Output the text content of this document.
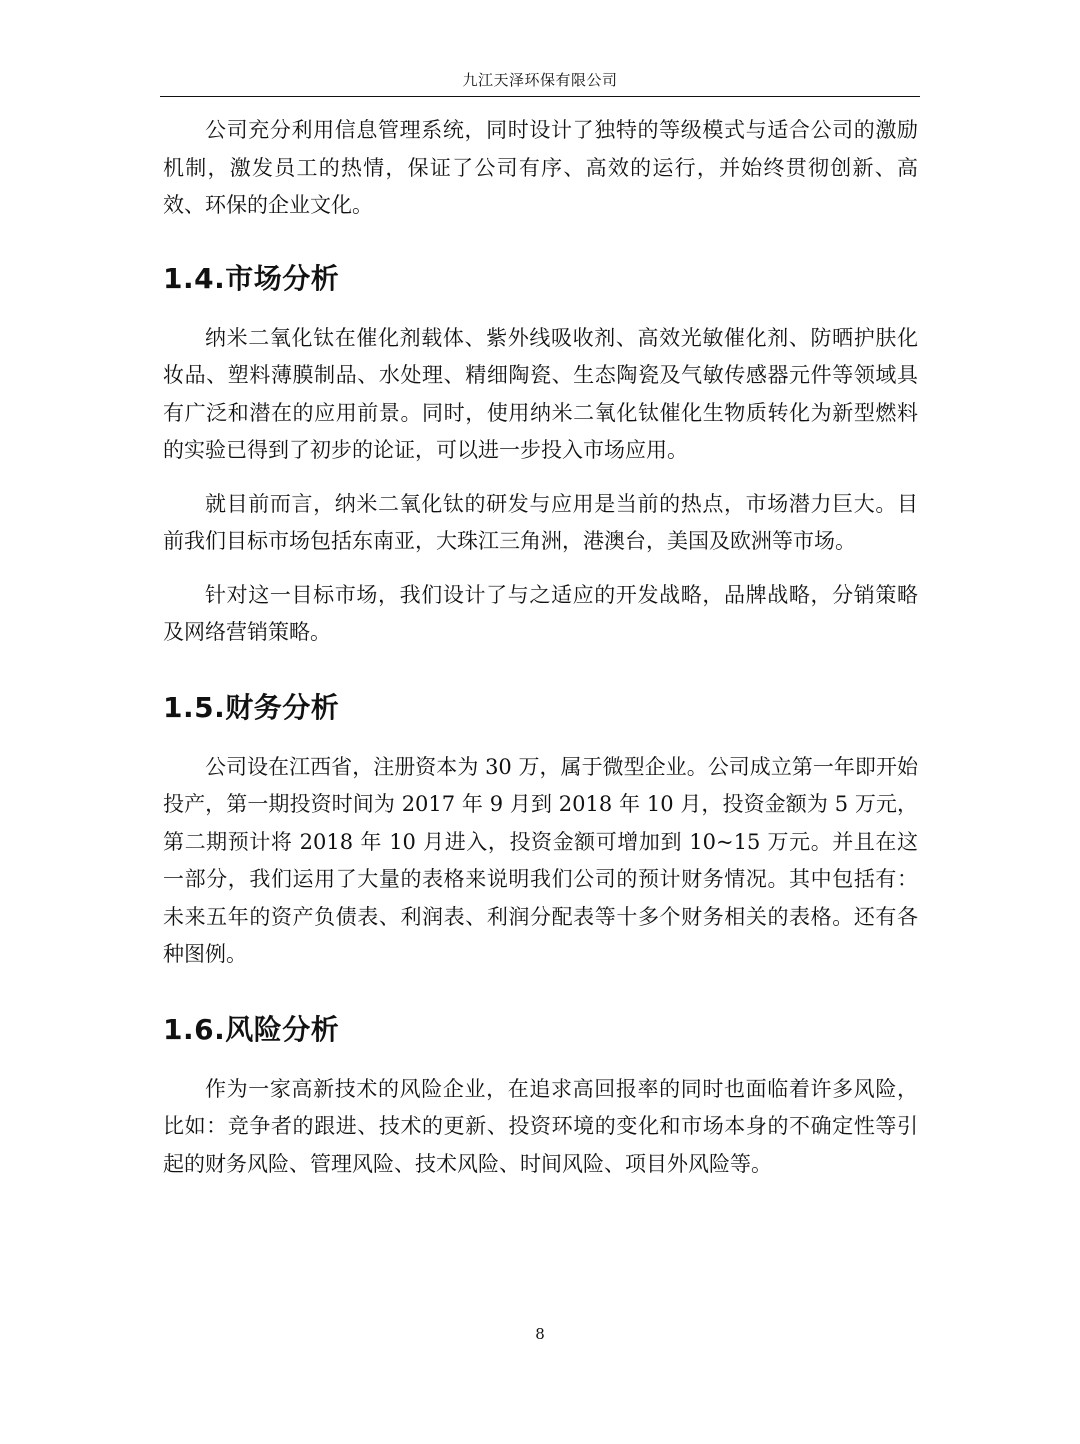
九江天泽环保有限公司

公司充分利用信息管理系统，同时设计了独特的等级模式与适合公司的激励机制，激发员工的热情，保证了公司有序、高效的运行，并始终贯彻创新、高效、环保的企业文化。

1.4.市场分析

纳米二氧化钛在催化剂载体、紫外线吸收剂、高效光敏催化剂、防晒护肤化妆品、塑料薄膜制品、水处理、精细陶瓷、生态陶瓷及气敏传感器元件等领域具有广泛和潜在的应用前景。同时，使用纳米二氧化钛催化生物质转化为新型燃料的实验已得到了初步的论证，可以进一步投入市场应用。

就目前而言，纳米二氧化钛的研发与应用是当前的热点，市场潜力巨大。目前我们目标市场包括东南亚，大珠江三角洲，港澳台，美国及欧洲等市场。

针对这一目标市场，我们设计了与之适应的开发战略，品牌战略，分销策略及网络营销策略。

1.5.财务分析

公司设在江西省，注册资本为 30 万，属于微型企业。公司成立第一年即开始投产，第一期投资时间为 2017 年 9 月到 2018 年 10 月，投资金额为 5 万元，第二期预计将 2018 年 10 月进入，投资金额可增加到 10~15 万元。并且在这一部分，我们运用了大量的表格来说明我们公司的预计财务情况。其中包括有：未来五年的资产负债表、利润表、利润分配表等十多个财务相关的表格。还有各种图例。

1.6.风险分析

作为一家高新技术的风险企业，在追求高回报率的同时也面临着许多风险，比如：竞争者的跟进、技术的更新、投资环境的变化和市场本身的不确定性等引起的财务风险、管理风险、技术风险、时间风险、项目外风险等。

8
